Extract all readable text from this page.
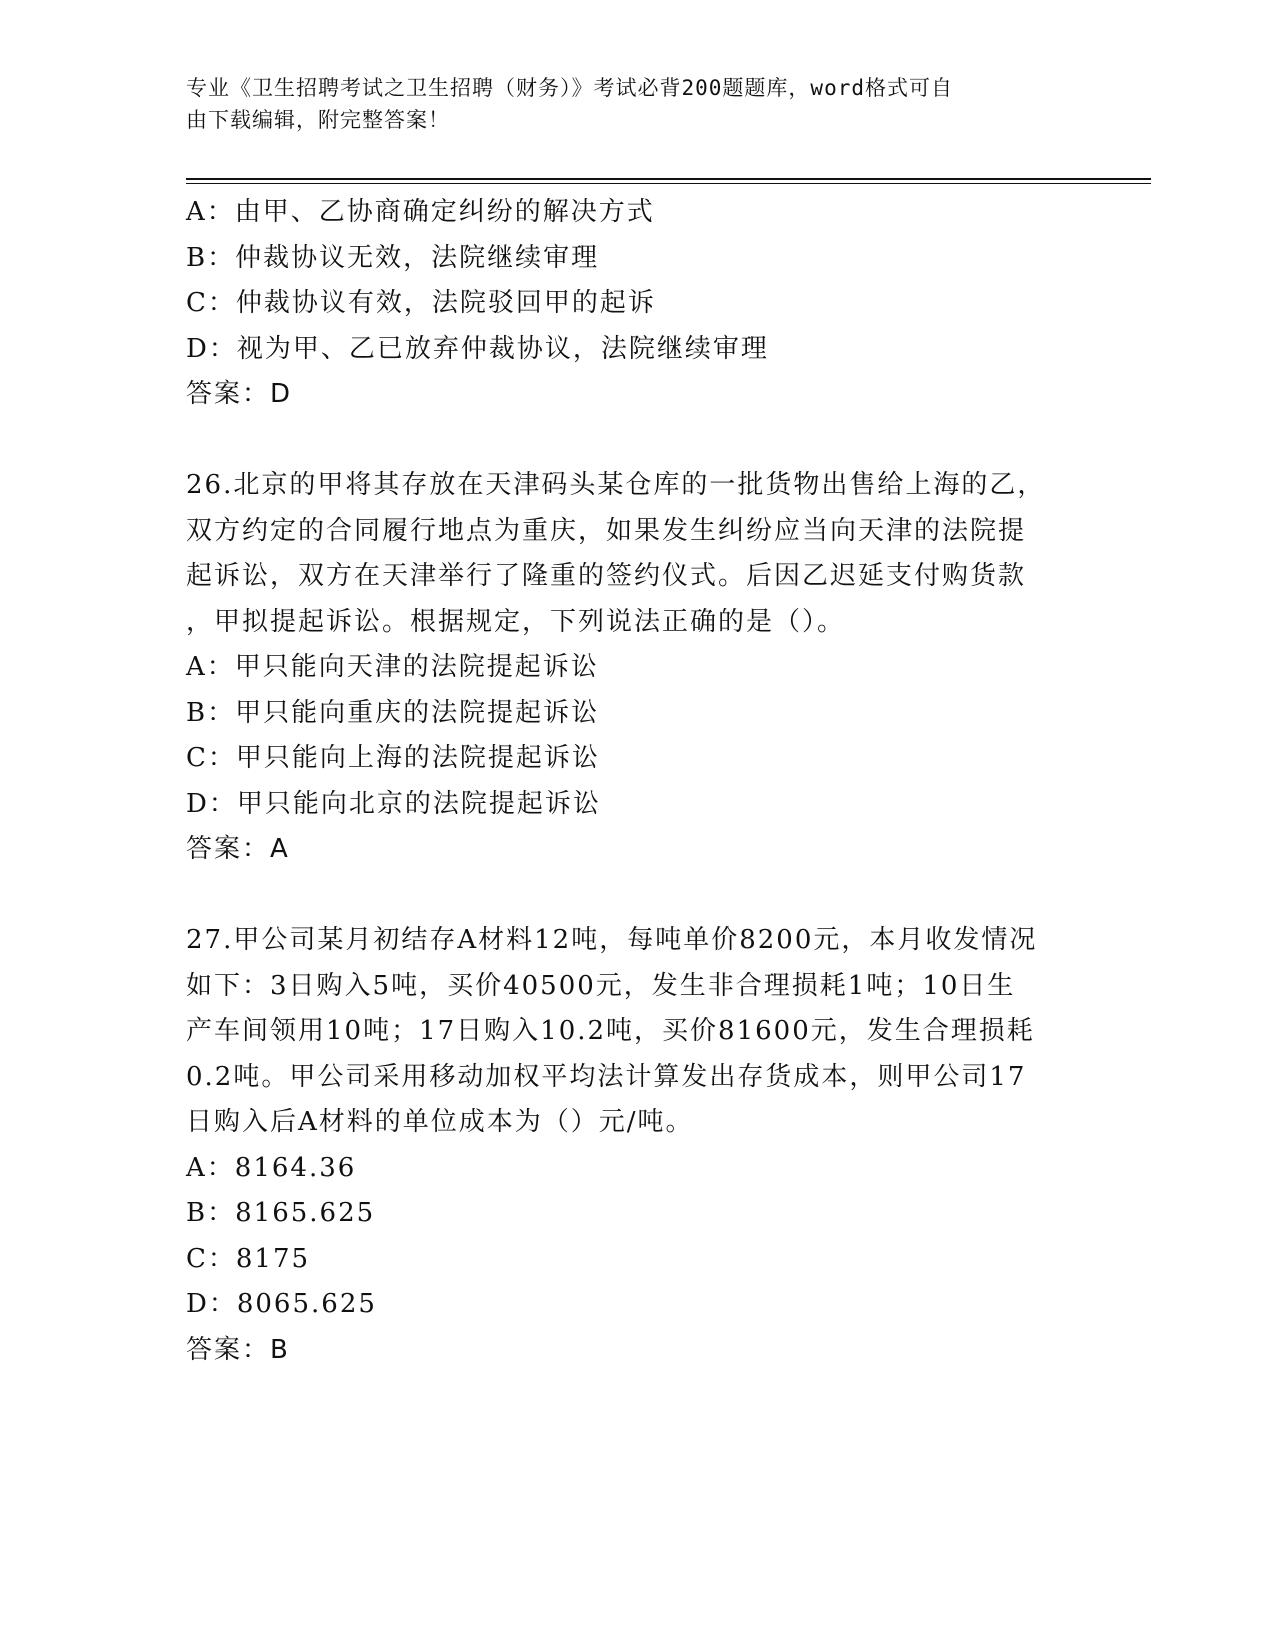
专业《卫生招聘考试之卫生招聘（财务）》考试必背200题题库，word格式可自
由下载编辑，附完整答案！
A：由甲、乙协商确定纠纷的解决方式
B：仲裁协议无效，法院继续审理
C：仲裁协议有效，法院驳回甲的起诉
D：视为甲、乙已放弃仲裁协议，法院继续审理
答案：D
26.北京的甲将其存放在天津码头某仓库的一批货物出售给上海的乙，
双方约定的合同履行地点为重庆，如果发生纠纷应当向天津的法院提
起诉讼，双方在天津举行了隆重的签约仪式。后因乙迟延支付购货款
，甲拟提起诉讼。根据规定，下列说法正确的是（）。
A：甲只能向天津的法院提起诉讼
B：甲只能向重庆的法院提起诉讼
C：甲只能向上海的法院提起诉讼
D：甲只能向北京的法院提起诉讼
答案：A
27.甲公司某月初结存A材料12吨，每吨单价8200元，本月收发情况
如下：3日购入5吨，买价40500元，发生非合理损耗1吨；10日生
产车间领用10吨；17日购入10.2吨，买价81600元，发生合理损耗
0.2吨。甲公司采用移动加权平均法计算发出存货成本，则甲公司17
日购入后A材料的单位成本为（）元/吨。
A：8164.36
B：8165.625
C：8175
D：8065.625
答案：B
